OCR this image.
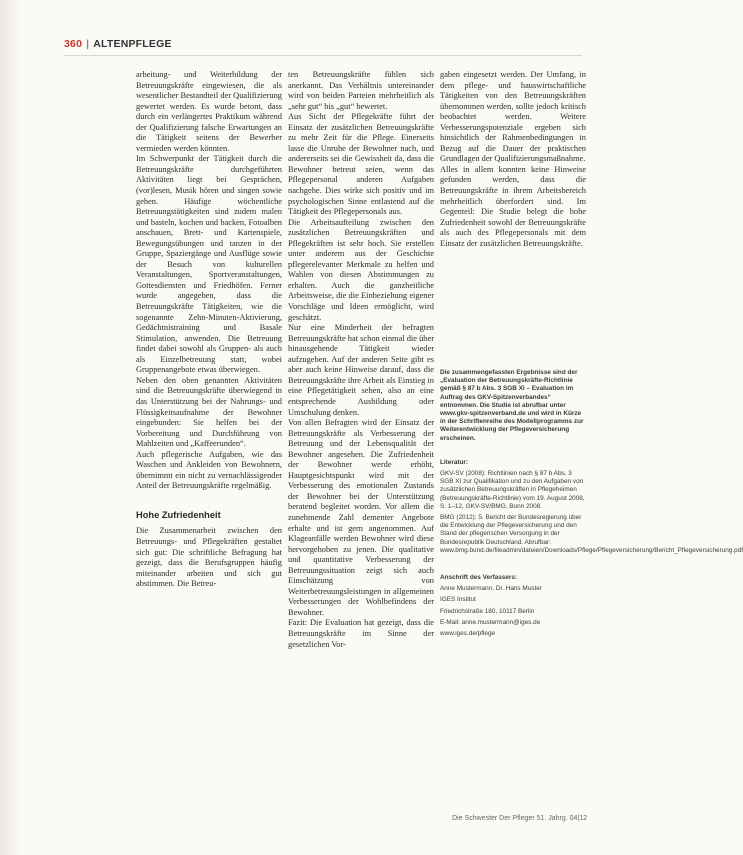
360 | ALTENPFLEGE

arbeitung- und Weiterbildung der Betreuungskräfte eingewiesen, die als wesentlicher Bestandteil der Qualifizierung gewertet werden. Es wurde betont, dass durch ein verlängertes Praktikum während der Qualifizierung falsche Erwartungen an die Tätigkeit seitens der Bewerber vermieden werden könnten.

Im Schwerpunkt der Tätigkeit durch die Betreuungskräfte durchgeführten Aktivitäten liegt bei Gesprächen, (vor)lesen, Musik hören und singen sowie gehen. Häufige wöchentliche Betreuungstätigkeiten sind zudem malen und basteln, kochen und backen, Fotoalben anschauen, Brett- und Kartenspiele, Bewegungsübungen und tanzen in der Gruppe, Spaziergänge und Ausflüge sowie der Besuch von kulturellen Veranstaltungen, Sportveranstaltungen, Gottesdiensten und Friedhöfen. Ferner wurde angegeben, dass die Betreuungskräfte Tätigkeiten, wie die sogenannte Zehn-Minuten-Aktivierung, Gedächtnistraining und Basale Stimulation, anwenden. Die Betreuung findet dabei sowohl als Gruppen- als auch als Einzelbetreuung statt, wobei Gruppenangebote etwas überwiegen.

Neben den oben genannten Aktivitäten sind die Betreuungskräfte überwiegend in das Unterstützung bei der Nahrungs- und Flüssigkeitsaufnahme der Bewohner eingebunden: Sie helfen bei der Vorbereitung und Durchführung von Mahlzeiten und „Kaffeerunden“.

Auch pflegerische Aufgaben, wie das Waschen und Ankleiden von Bewohnern, übernimmt ein nicht zu vernachlässigender Anteil der Betreuungskräfte regelmäßig.

Hohe Zufriedenheit

Die Zusammenarbeit zwischen den Betreuungs- und Pflegekräften gestaltet sich gut: Die schriftliche Befragung hat gezeigt, dass die Berufsgruppen häufig miteinander arbeiten und sich gut abstimmen. Die Betreu-

ten Betreuungskräfte fühlen sich anerkannt. Das Verhältnis untereinander wird von beiden Parteien mehrheitlich als „sehr gut“ bis „gut“ bewertet.

Aus Sicht der Pflegekräfte führt der Einsatz der zusätzlichen Betreuungskräfte zu mehr Zeit für die Pflege. Einerseits lasse die Unruhe der Bewohner nach, und andererseits sei die Gewissheit da, dass die Bewohner betreut seien, wenn das Pflegepersonal anderen Aufgaben nachgehe. Dies wirke sich positiv und im psychologischen Sinne entlastend auf die Tätigkeit des Pflegepersonals aus.

Die Arbeitsaufteilung zwischen den zusätzlichen Betreuungskräften und Pflegekräften ist sehr hoch. Sie erstellen unter anderem aus der Geschichte pflegerelevanter Merkmale zu helfen und Wahlen von diesen Abstimmungen zu erhalten. Auch die ganzheitliche Arbeitsweise, die die Einbeziehung eigener Vorschläge und Ideen ermöglicht, wird geschätzt.

Nur eine Minderheit der befragten Betreuungskräfte hat schon einmal die über hinausgehende Tätigkeit wieder aufzugeben. Auf der anderen Seite gibt es aber auch keine Hinweise darauf, dass die Betreuungskräfte ihre Arbeit als Einstieg in eine Pflegetätigkeit sehen, also an eine entsprechende Ausbildung oder Umschulung denken.

Von allen Befragten wird der Einsatz der Betreuungskräfte als Verbesserung der Betreuung und der Lebensqualität der Bewohner angesehen. Die Zufriedenheit der Bewohner werde erhöht, Hauptgesichtspunkt wird mit der Verbesserung des emotionalen Zustands der Bewohner bei der Unterstützung beratend begleitet worden. Vor allem die zunehmende Zahl dementer Angebote erhalte und ist gern angenommen. Auf Klageanfälle werden Bewohner wird diese hervorgehoben zu jenen. Die qualitative und quantitative Verbesserung der Betreuungssituation zeigt sich auch Einschätzung von Weiterbetreuungsleistungen in allgemeinen Verbesserungen der Wohlbefindens der Bewohner.

Fazit: Die Evaluation hat gezeigt, dass die Betreuungskräfte im Sinne der gesetzlichen Vor-

gaben eingesetzt werden. Der Umfang, in dem pflege- und hauswirtschaftliche Tätigkeiten von den Betreuungskräften übernommen werden, sollte jedoch kritisch beobachtet werden. Weitere Verbesserungspotenziale ergeben sich hinsichtlich der Rahmenbedingungen in Bezug auf die Dauer der praktischen Grundlagen der Qualifizierungsmaßnahme.

Alles in allem konnten keine Hinweise gefunden werden, dass die Betreuungskräfte in ihrem Arbeitsbereich mehrheitlich überfordert sind. Im Gegenteil: Die Studie belegt die hohe Zufriedenheit sowohl der Betreuungskräfte als auch des Pflegepersonals mit dem Einsatz der zusätzlichen Betreuungskräfte.

Die zusammengefassten Ergebnisse sind der „Evaluation der Betreuungskräfte-Richtlinie gemäß § 87 b Abs. 3 SGB XI – Evaluation im Auftrag des GKV-Spitzenverbandes“ entnommen. Die Studie ist abrufbar unter www.gkv-spitzenverband.de und wird in Kürze in der Schriftenreihe des Modellprogramms zur Weiterentwicklung der Pflegeversicherung erscheinen.

Literatur:

GKV-SV (2008): Richtlinien nach § 87 b Abs. 3 SGB XI zur Qualifikation und zu den Aufgaben von zusätzlichen Betreuungskräften in Pflegeheimen (Betreuungskräfte-Richtlinie) vom 19. August 2008, S. 1–12, GKV-SV/BMG, Bonn 2008.

BMG (2012): 5. Bericht der Bundesregierung über die Entwicklung der Pflegeversicherung und den Stand der pflegerischen Versorgung in der Bundesrepublik Deutschland. Abrufbar: www.bmg.bund.de/fileadmin/dateien/Downloads/Pflege/Pflegeversicherung/Bericht_Pflegeversicherung.pdf

Anschrift des Verfassers:

Anne Mustermann, Dr. Hans Muster

IGES Institut

Friedrichstraße 180, 10117 Berlin

E-Mail: anne.mustermann@iges.de

www.iges.de/pflege

Die Schwester Der Pfleger 51. Jahrg. 04|12
